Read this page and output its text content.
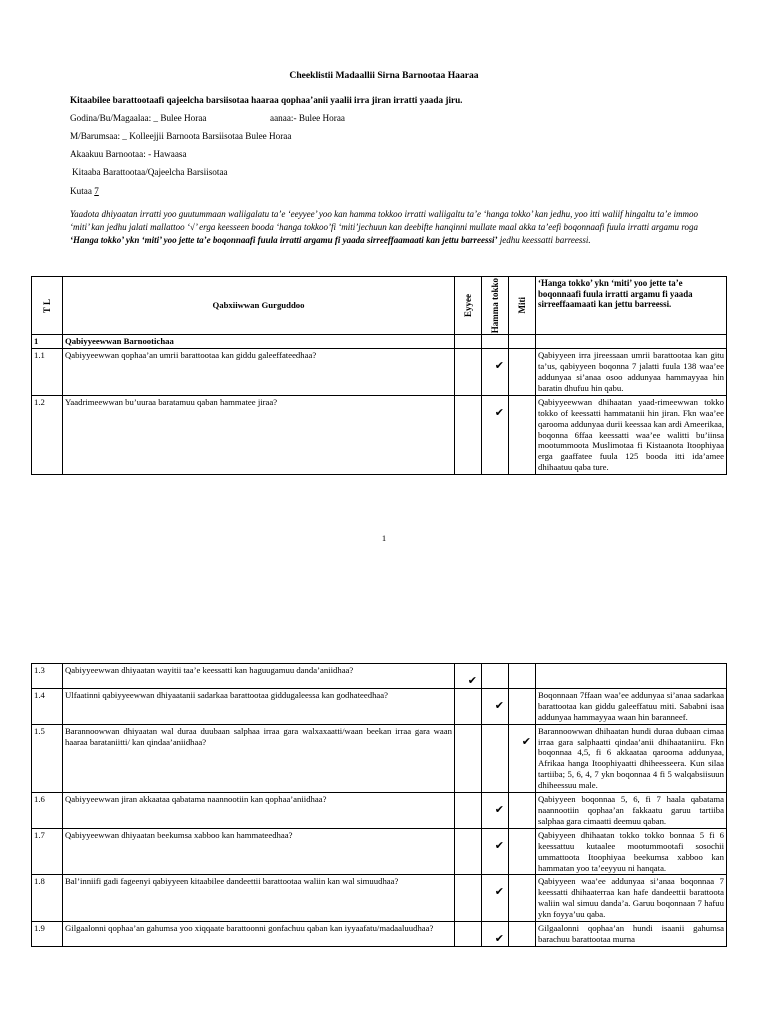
Cheeklistii Madaallii Sirna Barnootaa Haaraa
Kitaabilee barattootaafi qajeelcha barsiisotaa haaraa qophaa’anii yaalii irra jiran irratti yaada jiru.
Godina/Bu/Magaalaa: _ Bulee Horaa	aanaa:- Bulee Horaa
M/Barumsaa: _ Kolleejjii Barnoota Barsiisotaa Bulee Horaa
Akaakuu Barnootaa: - Hawaasa
Kitaaba Barattootaa/Qajeelcha Barsiisotaa
Kutaa 7
Yaadota dhiyaatan irratti yoo guutummaan waliigalatu ta’e ‘eeyyee’ yoo kan hamma tokkoo irratti waliigaltu ta’e ‘hanga tokko’ kan jedhu, yoo itti waliif hingaltu ta’e immoo ‘miti’ kan jedhu jalati mallattoo ‘√’ erga keesseen booda ‘hanga tokkoo’fi ‘miti’jechuun kan deebifte hanqinni mullate maal akka ta’eefi boqonnaafi fuula irratti argamu roga ‘Hanga tokko’ ykn ‘miti’ yoo jette ta’e boqonnaafi fuula irratti argamu fi yaada sirreeffaamaati kan jettu barreessi’ jedhu keessatti barreessi.
T L	Qabxiiwwan Gurguddoo	Eyyee	Hamma tokko	Miti	‘Hanga tokko’ ykn ‘miti’ yoo jette ta’e boqonnaafi fuula irratti argamu fi yaada sirreeffaamaati kan jettu barreessi.
1	Qabiyyeewwan Barnootichaa				
1.1	Qabiyyeewwan qophaa’an umrii barattootaa kan giddu galeeffateedhaa?		✔		Qabiyyeen irra jireessaan umrii barattootaa kan gitu ta’us, qabiyyeen boqonna 7 jalatti fuula 138 waa’ee addunyaa si’anaa osoo addunyaa hammayyaa hin baratin dhufuu hin qabu.
1.2	Yaadrimeewwan bu’uuraa baratamuu qaban hammatee jiraa?		✔		Qabiyyeewwan dhihaatan yaad-rimeewwan tokko tokko of keessatti hammatanii hin jiran. Fkn waa’ee qarooma addunyaa durii keessaa kan ardi Ameerikaa, boqonna 6ffaa keessatti waa’ee walitti bu’iinsa mootummoota Muslimotaa fi Kistaanota Itoophiyaa erga gaaffatee fuula 125 booda itti ida’amee dhihaatuu qaba ture.
1
1.3	Qabiyyeewwan dhiyaatan wayitii taa’e keessatti kan haguugamuu danda’aniidhaa?	✔			
1.4	Ulfaatinni qabiyyeewwan dhiyaatanii sadarkaa barattootaa giddugaleessa kan godhateedhaa?		✔		Boqonnaan 7ffaan waa’ee addunyaa si’anaa sadarkaa barattootaa kan giddu galeeffatuu miti. Sababni isaa addunyaa hammayyaa waan hin baranneef.
1.5	Barannoowwan dhiyaatan wal duraa duubaan salphaa irraa gara walxaxaatti/waan beekan irraa gara waan haaraa barataniitti/ kan qindaa’aniidhaa?			✔	Barannoowwan dhihaatan hundi duraa dubaan cimaa irraa gara salphaatti qindaa’anii dhihaataniiru. Fkn boqonnaa 4,5, fi 6 akkaataa qarooma addunyaa, Afrikaa hanga Itoophiyaatti dhiheesseera. Kun silaa tartiiba; 5, 6, 4, 7 ykn boqonnaa 4 fi 5 walqabsiisuun dhiheessuu male.
1.6	Qabiyyeewwan jiran akkaataa qabatama naannootiin kan qophaa’aniidhaa?		✔		Qabiyyeen boqonnaa 5, 6, fi 7 haala qabatama naannootiin qophaa’an fakkaatu garuu tartiiba salphaa gara cimaatti deemuu qaban.
1.7	Qabiyyeewwan dhiyaatan beekumsa xabboo kan hammateedhaa?		✔		Qabiyyeen dhihaatan tokko tokko bonnaa 5 fi 6 keessattuu kutaalee mootummootafi sosochii ummattoota Itoophiyaa beekumsa xabboo kan hammatan yoo ta’eeyyuu ni hanqata.
1.8	Bal’inniifi gadi fageenyi qabiyyeen kitaabilee dandeettii barattootaa waliin kan wal simuudhaa?		✔		Qabiyyeen waa’ee addunyaa si’anaa boqonnaa 7 keessatti dhihaaterraa kan hafe dandeettii barattoota waliin wal simuu danda’a. Garuu boqonnaan 7 hafuu ykn foyya’uu qaba.
1.9	Gilgaalonni qophaa’an gahumsa yoo xiqqaate barattoonni gonfachuu qaban kan iyyaafatu/madaaluudhaa?		✔		Gilgaalonni qophaa’an hundi isaanii gahumsa barachuu barattootaa murna
